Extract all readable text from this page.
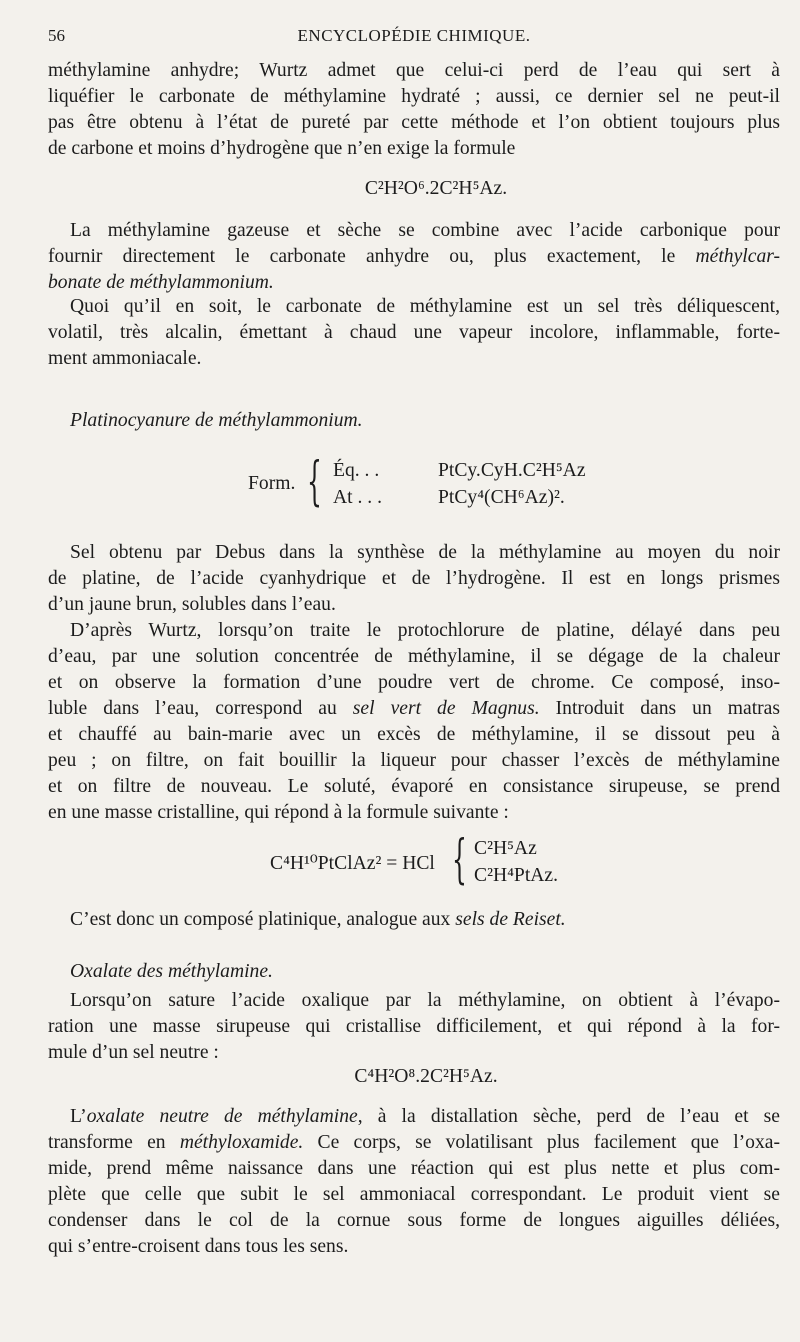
56	ENCYCLOPÉDIE CHIMIQUE.
méthylamine anhydre; Wurtz admet que celui-ci perd de l’eau qui sert à
liquéfier le carbonate de méthylamine hydraté ; aussi, ce dernier sel ne peut-il
pas être obtenu à l’état de pureté par cette méthode et l’on obtient toujours plus
de carbone et moins d’hydrogène que n’en exige la formule
C²H²O⁶.2C²H⁵Az.
La méthylamine gazeuse et sèche se combine avec l’acide carbonique pour
fournir directement le carbonate anhydre ou, plus exactement, le méthylcar-
bonate de méthylammonium.
Quoi qu’il en soit, le carbonate de méthylamine est un sel très déliquescent,
volatil, très alcalin, émettant à chaud une vapeur incolore, inflammable, forte-
ment ammoniacale.
Platinocyanure de méthylammonium.
Form. { Éq. . .	PtCy.CyH.C²H⁵Az
At . . .	PtCy⁴(CH⁶Az)².
Sel obtenu par Debus dans la synthèse de la méthylamine au moyen du noir
de platine, de l’acide cyanhydrique et de l’hydrogène. Il est en longs prismes
d’un jaune brun, solubles dans l’eau.
D’après Wurtz, lorsqu’on traite le protochlorure de platine, délayé dans peu
d’eau, par une solution concentrée de méthylamine, il se dégage de la chaleur
et on observe la formation d’une poudre vert de chrome. Ce composé, inso-
luble dans l’eau, correspond au sel vert de Magnus. Introduit dans un matras
et chauffé au bain-marie avec un excès de méthylamine, il se dissout peu à
peu ; on filtre, on fait bouillir la liqueur pour chasser l’excès de méthylamine
et on filtre de nouveau. Le soluté, évaporé en consistance sirupeuse, se prend
en une masse cristalline, qui répond à la formule suivante :
C⁴H¹⁰PtClAz² = HCl { C²H⁵Az
C²H⁴PtAz.
C’est donc un composé platinique, analogue aux sels de Reiset.
Oxalate des méthylamine.
Lorsqu’on sature l’acide oxalique par la méthylamine, on obtient à l’évapo-
ration une masse sirupeuse qui cristallise difficilement, et qui répond à la for-
mule d’un sel neutre :
C⁴H²O⁸.2C²H⁵Az.
L’oxalate neutre de méthylamine, à la distallation sèche, perd de l’eau et se
transforme en méthyloxamide. Ce corps, se volatilisant plus facilement que l’oxa-
mide, prend même naissance dans une réaction qui est plus nette et plus com-
plète que celle que subit le sel ammoniacal correspondant. Le produit vient se
condenser dans le col de la cornue sous forme de longues aiguilles déliées,
qui s’entre-croisent dans tous les sens.
